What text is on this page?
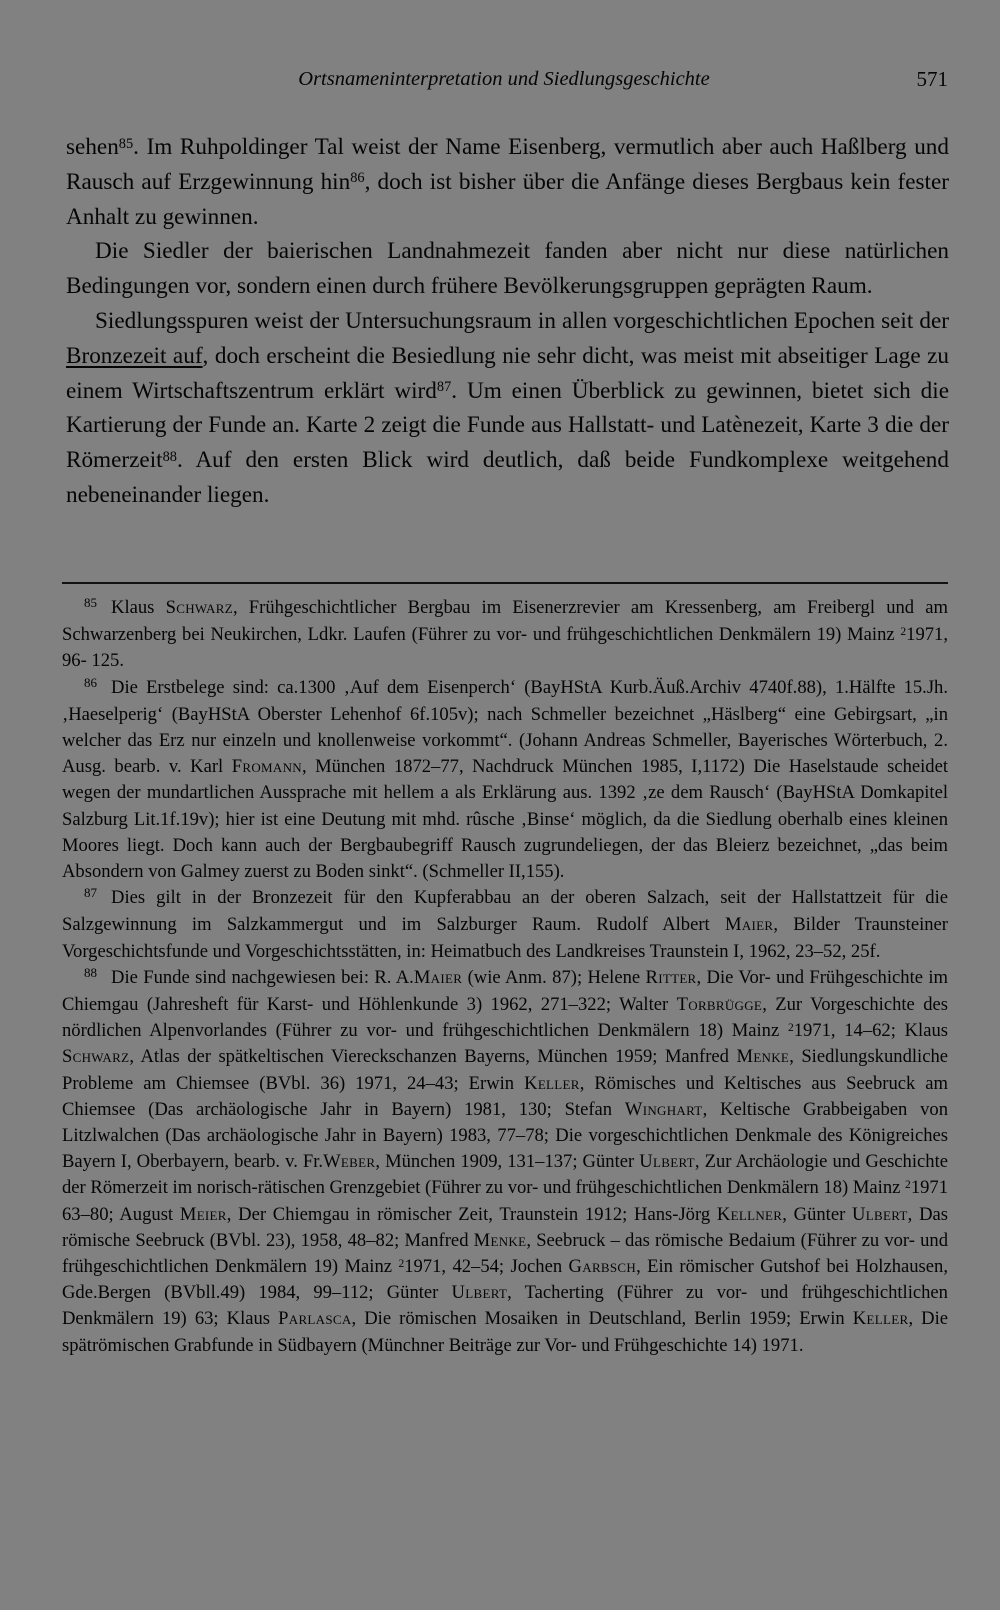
Ortsnameninterpretation und Siedlungsgeschichte	571

sehen$^{85}$. Im Ruhpoldinger Tal weist der Name Eisenberg, vermutlich aber auch Haßlberg und Rausch auf Erzgewinnung hin$^{86}$, doch ist bisher über die Anfänge dieses Bergbaus kein fester Anhalt zu gewinnen.

Die Siedler der baierischen Landnahmezeit fanden aber nicht nur diese natürlichen Bedingungen vor, sondern einen durch frühere Bevölkerungsgruppen geprägten Raum.

Siedlungsspuren weist der Untersuchungsraum in allen vorgeschichtlichen Epochen seit der Bronzezeit auf, doch erscheint die Besiedlung nie sehr dicht, was meist mit abseitiger Lage zu einem Wirtschaftszentrum erklärt wird$^{87}$. Um einen Überblick zu gewinnen, bietet sich die Kartierung der Funde an. Karte 2 zeigt die Funde aus Hallstatt- und Latènezeit, Karte 3 die der Römerzeit$^{88}$. Auf den ersten Blick wird deutlich, daß beide Fundkomplexe weitgehend nebeneinander liegen.

$^{85}$ Klaus Schwarz, Frühgeschichtlicher Bergbau im Eisenerzrevier am Kressenberg, am Freibergl und am Schwarzenberg bei Neukirchen, Ldkr. Laufen (Führer zu vor- und frühgeschichtlichen Denkmälern 19) Mainz $^2$1971, 96- 125.

$^{86}$ Die Erstbelege sind: ca.1300 ‚Auf dem Eisenperch‘ (BayHStA Kurb.Äuß.Archiv 4740f.88), 1.Hälfte 15.Jh. ‚Haeselperig‘ (BayHStA Oberster Lehenhof 6f.105v); nach Schmeller bezeichnet „Häslberg“ eine Gebirgsart, „in welcher das Erz nur einzeln und knollenweise vorkommt“. (Johann Andreas Schmeller, Bayerisches Wörterbuch, 2. Ausg. bearb. v. Karl Fromann, München 1872–77, Nachdruck München 1985, I,1172) Die Haselstaude scheidet wegen der mundartlichen Aussprache mit hellem a als Erklärung aus. 1392 ‚ze dem Rausch‘ (BayHStA Domkapitel Salzburg Lit.1f.19v); hier ist eine Deutung mit mhd. rûsche ‚Binse‘ möglich, da die Siedlung oberhalb eines kleinen Moores liegt. Doch kann auch der Bergbaubegriff Rausch zugrundeliegen, der das Bleierz bezeichnet, „das beim Absondern von Galmey zuerst zu Boden sinkt“. (Schmeller II,155).

$^{87}$ Dies gilt in der Bronzezeit für den Kupferabbau an der oberen Salzach, seit der Hallstattzeit für die Salzgewinnung im Salzkammergut und im Salzburger Raum. Rudolf Albert Maier, Bilder Traunsteiner Vorgeschichtsfunde und Vorgeschichtsstätten, in: Heimatbuch des Landkreises Traunstein I, 1962, 23–52, 25f.

$^{88}$ Die Funde sind nachgewiesen bei: R. A.Maier (wie Anm. 87); Helene Ritter, Die Vor- und Frühgeschichte im Chiemgau (Jahresheft für Karst- und Höhlenkunde 3) 1962, 271–322; Walter Torbrügge, Zur Vorgeschichte des nördlichen Alpenvorlandes (Führer zu vor- und frühgeschichtlichen Denkmälern 18) Mainz $^2$1971, 14–62; Klaus Schwarz, Atlas der spätkeltischen Viereckschanzen Bayerns, München 1959; Manfred Menke, Siedlungskundliche Probleme am Chiemsee (BVbl. 36) 1971, 24–43; Erwin Keller, Römisches und Keltisches aus Seebruck am Chiemsee (Das archäologische Jahr in Bayern) 1981, 130; Stefan Winghart, Keltische Grabbeigaben von Litzlwalchen (Das archäologische Jahr in Bayern) 1983, 77–78; Die vorgeschichtlichen Denkmale des Königreiches Bayern I, Oberbayern, bearb. v. Fr.Weber, München 1909, 131–137; Günter Ulbert, Zur Archäologie und Geschichte der Römerzeit im norisch-rätischen Grenzgebiet (Führer zu vor- und frühgeschichtlichen Denkmälern 18) Mainz $^2$1971 63–80; August Meier, Der Chiemgau in römischer Zeit, Traunstein 1912; Hans-Jörg Kellner, Günter Ulbert, Das römische Seebruck (BVbl. 23), 1958, 48–82; Manfred Menke, Seebruck – das römische Bedaium (Führer zu vor- und frühgeschichtlichen Denkmälern 19) Mainz $^2$1971, 42–54; Jochen Garbsch, Ein römischer Gutshof bei Holzhausen, Gde.Bergen (BVbll.49) 1984, 99–112; Günter Ulbert, Tacherting (Führer zu vor- und frühgeschichtlichen Denkmälern 19) 63; Klaus Parlasca, Die römischen Mosaiken in Deutschland, Berlin 1959; Erwin Keller, Die spätrömischen Grabfunde in Südbayern (Münchner Beiträge zur Vor- und Frühgeschichte 14) 1971.
